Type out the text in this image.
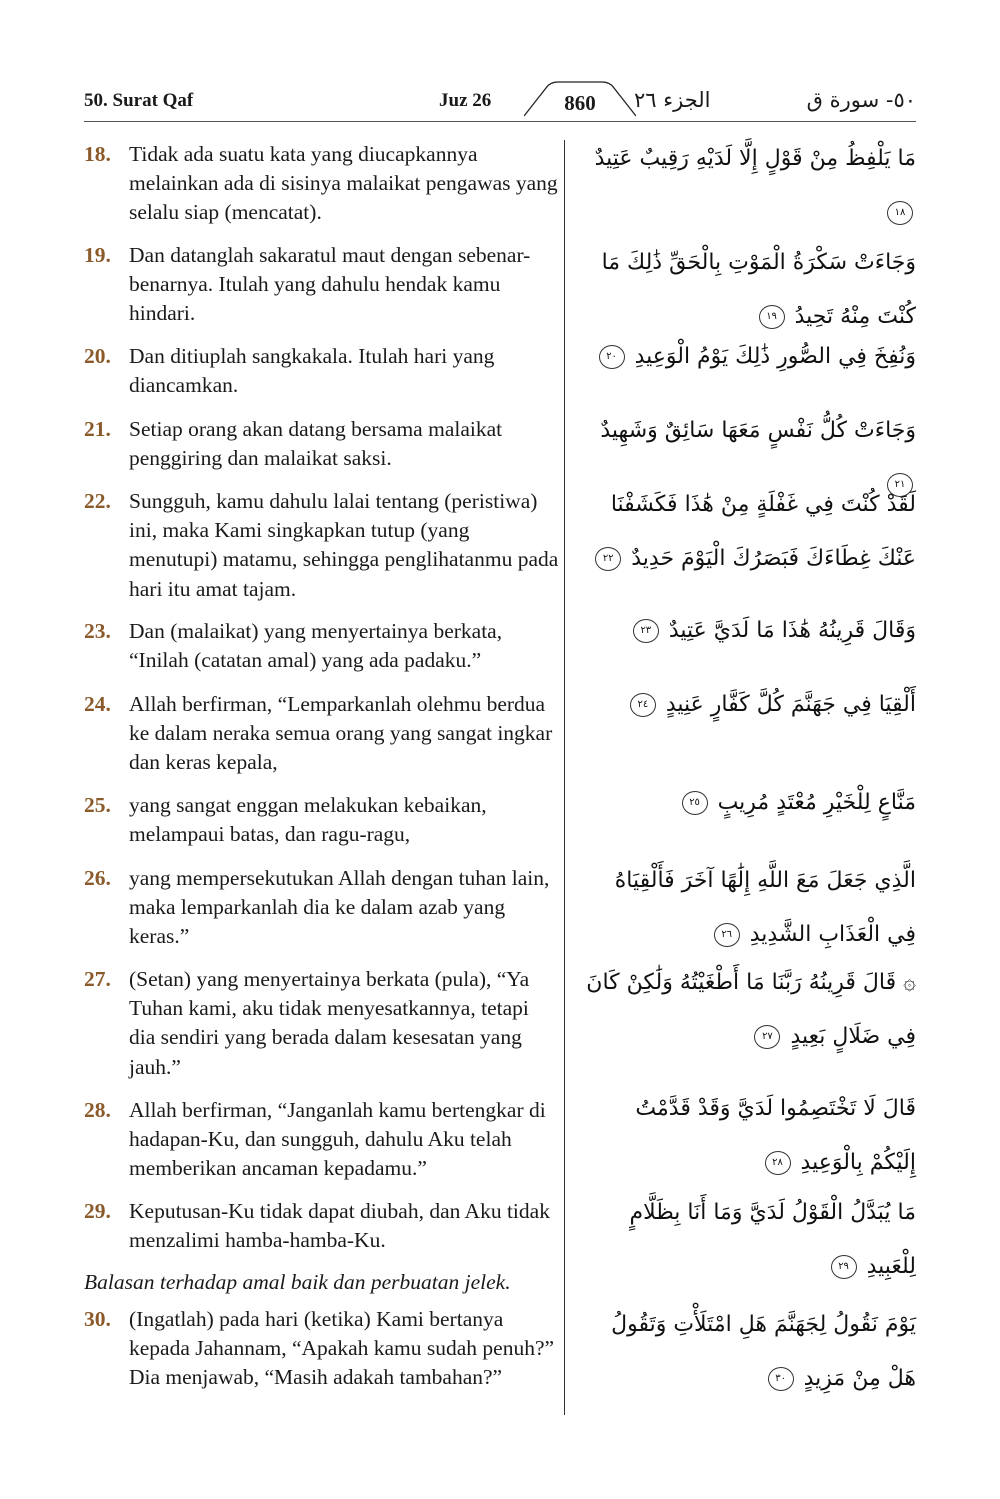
50. Surat Qaf	Juz 26	860	الجزء ٢٦	٥٠- سورة ق
18. Tidak ada suatu kata yang diucapkannya melainkan ada di sisinya malaikat pengawas yang selalu siap (mencatat).
مَا يَلْفِظُ مِنْ قَوْلٍ إِلَّا لَدَيْهِ رَقِيبٌ عَتِيدٌ ١٨
19. Dan datanglah sakaratul maut dengan sebenar-benarnya. Itulah yang dahulu hendak kamu hindari.
وَجَاءَتْ سَكْرَةُ الْمَوْتِ بِالْحَقِّ ذَٰلِكَ مَا كُنْتَ مِنْهُ تَحِيدُ ١٩
20. Dan ditiuplah sangkakala. Itulah hari yang diancamkan.
وَنُفِخَ فِي الصُّورِ ذَٰلِكَ يَوْمُ الْوَعِيدِ ٢٠
21. Setiap orang akan datang bersama malaikat penggiring dan malaikat saksi.
وَجَاءَتْ كُلُّ نَفْسٍ مَعَهَا سَائِقٌ وَشَهِيدٌ ٢١
22. Sungguh, kamu dahulu lalai tentang (peristiwa) ini, maka Kami singkapkan tutup (yang menutupi) matamu, sehingga penglihatanmu pada hari itu amat tajam.
لَقَدْ كُنْتَ فِي غَفْلَةٍ مِنْ هَٰذَا فَكَشَفْنَا عَنْكَ غِطَاءَكَ فَبَصَرُكَ الْيَوْمَ حَدِيدٌ ٢٢
23. Dan (malaikat) yang menyertainya berkata, “Inilah (catatan amal) yang ada padaku.”
وَقَالَ قَرِينُهُ هَٰذَا مَا لَدَيَّ عَتِيدٌ ٢٣
24. Allah berfirman, “Lemparkanlah olehmu berdua ke dalam neraka semua orang yang sangat ingkar dan keras kepala,
أَلْقِيَا فِي جَهَنَّمَ كُلَّ كَفَّارٍ عَنِيدٍ ٢٤
25. yang sangat enggan melakukan kebaikan, melampaui batas, dan ragu-ragu,
مَنَّاعٍ لِلْخَيْرِ مُعْتَدٍ مُرِيبٍ ٢٥
26. yang mempersekutukan Allah dengan tuhan lain, maka lemparkanlah dia ke dalam azab yang keras.”
الَّذِي جَعَلَ مَعَ اللَّهِ إِلَٰهًا آخَرَ فَأَلْقِيَاهُ فِي الْعَذَابِ الشَّدِيدِ ٢٦
27. (Setan) yang menyertainya berkata (pula), “Ya Tuhan kami, aku tidak menyesatkannya, tetapi dia sendiri yang berada dalam kesesatan yang jauh.”
۞ قَالَ قَرِينُهُ رَبَّنَا مَا أَطْغَيْتُهُ وَلَٰكِنْ كَانَ فِي ضَلَالٍ بَعِيدٍ ٢٧
28. Allah berfirman, “Janganlah kamu bertengkar di hadapan-Ku, dan sungguh, dahulu Aku telah memberikan ancaman kepadamu.”
قَالَ لَا تَخْتَصِمُوا لَدَيَّ وَقَدْ قَدَّمْتُ إِلَيْكُمْ بِالْوَعِيدِ ٢٨
29. Keputusan-Ku tidak dapat diubah, dan Aku tidak menzalimi hamba-hamba-Ku.
مَا يُبَدَّلُ الْقَوْلُ لَدَيَّ وَمَا أَنَا بِظَلَّامٍ لِلْعَبِيدِ ٢٩
Balasan terhadap amal baik dan perbuatan jelek.
30. (Ingatlah) pada hari (ketika) Kami bertanya kepada Jahannam, “Apakah kamu sudah penuh?” Dia menjawab, “Masih adakah tambahan?”
يَوْمَ نَقُولُ لِجَهَنَّمَ هَلِ امْتَلَأْتِ وَتَقُولُ هَلْ مِنْ مَزِيدٍ ٣٠
